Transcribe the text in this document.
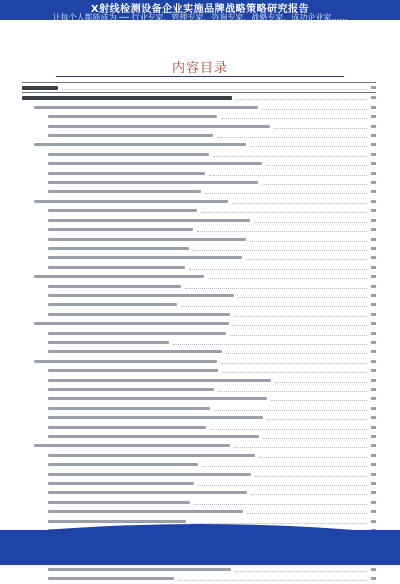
X射线检测设备企业实施品牌战略策略研究报告
内容目录
让每个人都能成为 ── 行业专家、管理专家、咨询专家、战略专家、成功企业家……
